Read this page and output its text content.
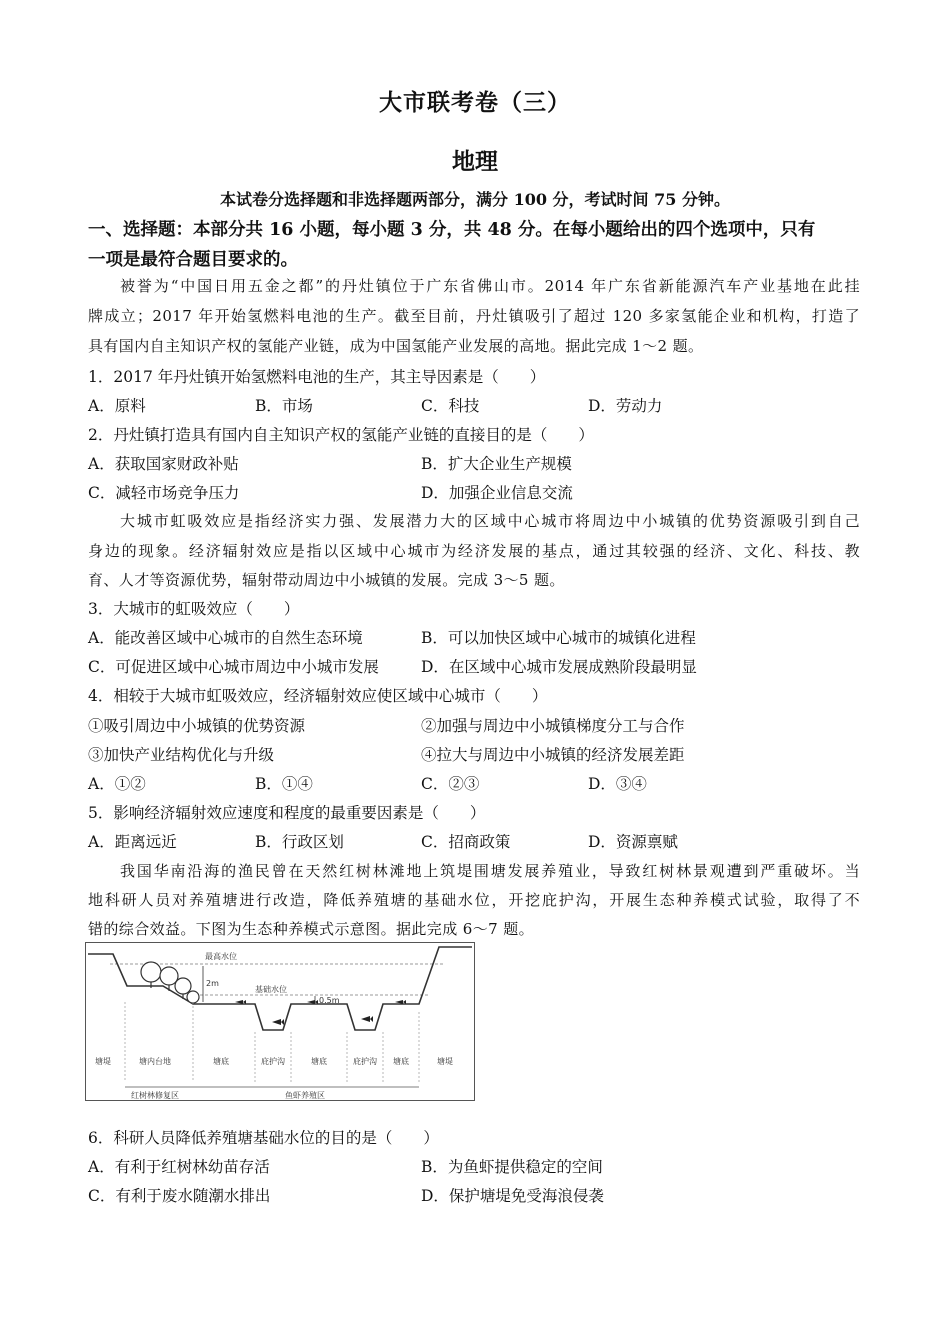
大市联考卷（三）
地理
本试卷分选择题和非选择题两部分，满分 100 分，考试时间 75 分钟。
一、选择题：本部分共 16 小题，每小题 3 分，共 48 分。在每小题给出的四个选项中，只有
一项是最符合题目要求的。
被誉为“中国日用五金之都”的丹灶镇位于广东省佛山市。2014 年广东省新能源汽车产业基地在此挂
牌成立；2017 年开始氢燃料电池的生产。截至目前，丹灶镇吸引了超过 120 多家氢能企业和机构，打造了
具有国内自主知识产权的氢能产业链，成为中国氢能产业发展的高地。据此完成 1～2 题。
1．2017 年丹灶镇开始氢燃料电池的生产，其主导因素是（　　）
A．原料	B．市场	C．科技	D．劳动力
2．丹灶镇打造具有国内自主知识产权的氢能产业链的直接目的是（　　）
A．获取国家财政补贴	B．扩大企业生产规模
C．减轻市场竞争压力	D．加强企业信息交流
大城市虹吸效应是指经济实力强、发展潜力大的区域中心城市将周边中小城镇的优势资源吸引到自己
身边的现象。经济辐射效应是指以区域中心城市为经济发展的基点，通过其较强的经济、文化、科技、教
育、人才等资源优势，辐射带动周边中小城镇的发展。完成 3～5 题。
3．大城市的虹吸效应（　　）
A．能改善区域中心城市的自然生态环境	B．可以加快区域中心城市的城镇化进程
C．可促进区域中心城市周边中小城市发展	D．在区域中心城市发展成熟阶段最明显
4．相较于大城市虹吸效应，经济辐射效应使区域中心城市（　　）
①吸引周边中小城镇的优势资源	②加强与周边中小城镇梯度分工与合作
③加快产业结构优化与升级	④拉大与周边中小城镇的经济发展差距
A．①②	B．①④	C．②③	D．③④
5．影响经济辐射效应速度和程度的最重要因素是（　　）
A．距离远近	B．行政区划	C．招商政策	D．资源禀赋
我国华南沿海的渔民曾在天然红树林滩地上筑堤围塘发展养殖业，导致红树林景观遭到严重破坏。当
地科研人员对养殖塘进行改造，降低养殖塘的基础水位，开挖庇护沟，开展生态种养模式试验，取得了不
错的综合效益。下图为生态种养模式示意图。据此完成 6～7 题。
最高水位
基础水位
2m
0.5m
塘堤	塘内台地	塘底	庇护沟	塘底	庇护沟 塘底	塘堤
红树林修复区	鱼虾养殖区
6．科研人员降低养殖塘基础水位的目的是（　　）
A．有利于红树林幼苗存活	B．为鱼虾提供稳定的空间
C．有利于废水随潮水排出	D．保护塘堤免受海浪侵袭
